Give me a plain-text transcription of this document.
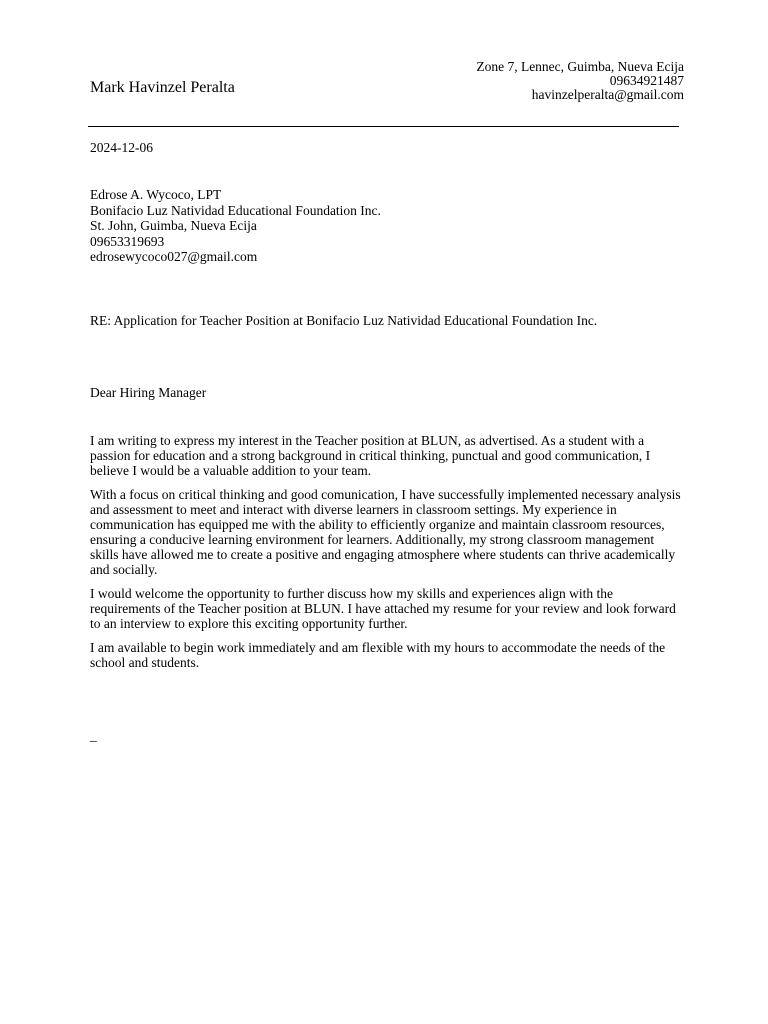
Mark Havinzel Peralta
Zone 7, Lennec, Guimba, Nueva Ecija
09634921487
havinzelperalta@gmail.com
2024-12-06
Edrose A. Wycoco, LPT
Bonifacio Luz Natividad Educational Foundation Inc.
St. John, Guimba, Nueva Ecija
09653319693
edrosewycoco027@gmail.com
RE: Application for Teacher Position at Bonifacio Luz Natividad Educational Foundation Inc.
Dear Hiring Manager

I am writing to express my interest in the Teacher position at BLUN, as advertised. As a student with a passion for education and a strong background in critical thinking, punctual and good communication, I believe I would be a valuable addition to your team.

With a focus on critical thinking and good comunication, I have successfully implemented necessary analysis and assessment to meet and interact with diverse learners in classroom settings. My experience in communication has equipped me with the ability to efficiently organize and maintain classroom resources, ensuring a conducive learning environment for learners. Additionally, my strong classroom management skills have allowed me to create a positive and engaging atmosphere where students can thrive academically and socially.

I would welcome the opportunity to further discuss how my skills and experiences align with the requirements of the Teacher position at BLUN. I have attached my resume for your review and look forward to an interview to explore this exciting opportunity further.

I am available to begin work immediately and am flexible with my hours to accommodate the needs of the school and students.

_
